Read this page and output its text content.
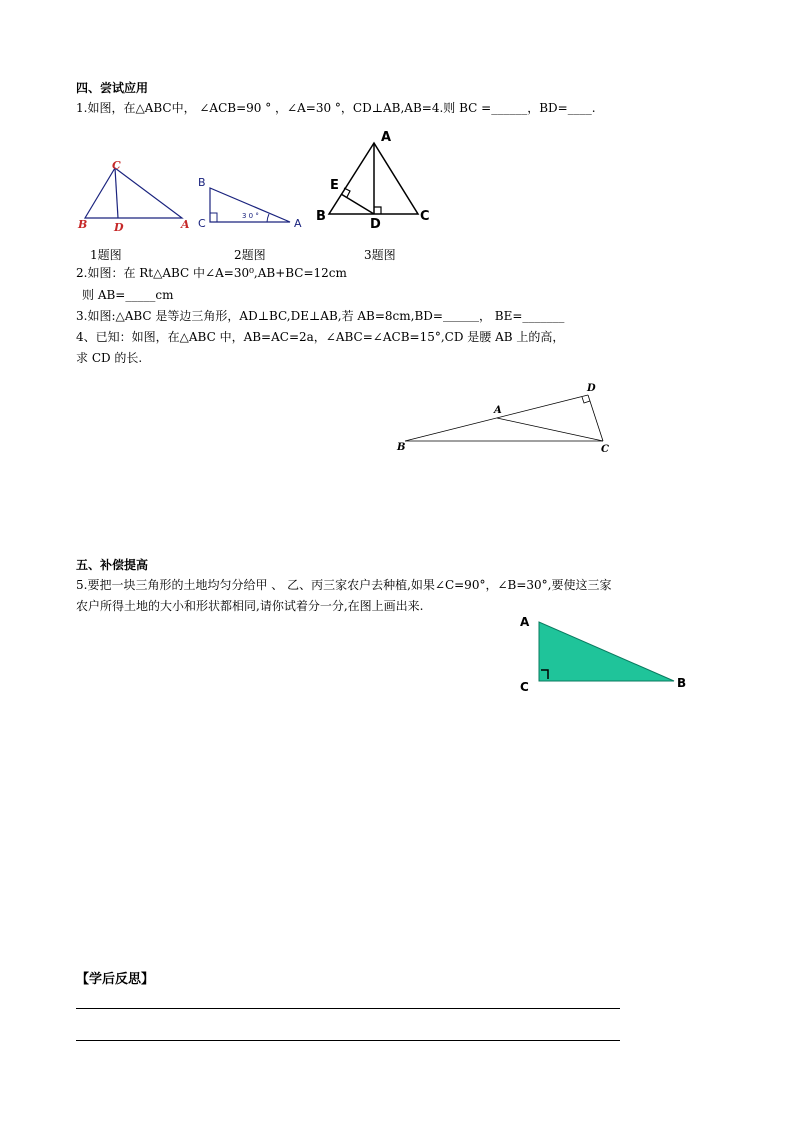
四、尝试应用
1.如图，在△ABC中， ∠ACB=90 ° ，∠A=30 °，CD⊥AB,AB=4.则 BC =______，BD=____.
C
B D	A
B
C	A
3 0 °
A
E
B
D
C
D
A
B	C
A
C	B
1题图	2题图	3题图
2.如图：在 Rt△ABC 中∠A=30⁰,AB+BC=12cm
则 AB=_____cm
3.如图:△ABC 是等边三角形，AD⊥BC,DE⊥AB,若 AB=8cm,BD=＿＿＿， BE=_______
4、已知：如图，在△ABC 中，AB=AC=2a，∠ABC=∠ACB=15°,CD 是腰 AB 上的高，
求 CD 的长.
五、补偿提高
5.要把一块三角形的土地均匀分给甲 、 乙、丙三家农户去种植,如果∠C=90°，∠B=30°,要使这三家
农户所得土地的大小和形状都相同,请你试着分一分,在图上画出来.
【学后反思】
